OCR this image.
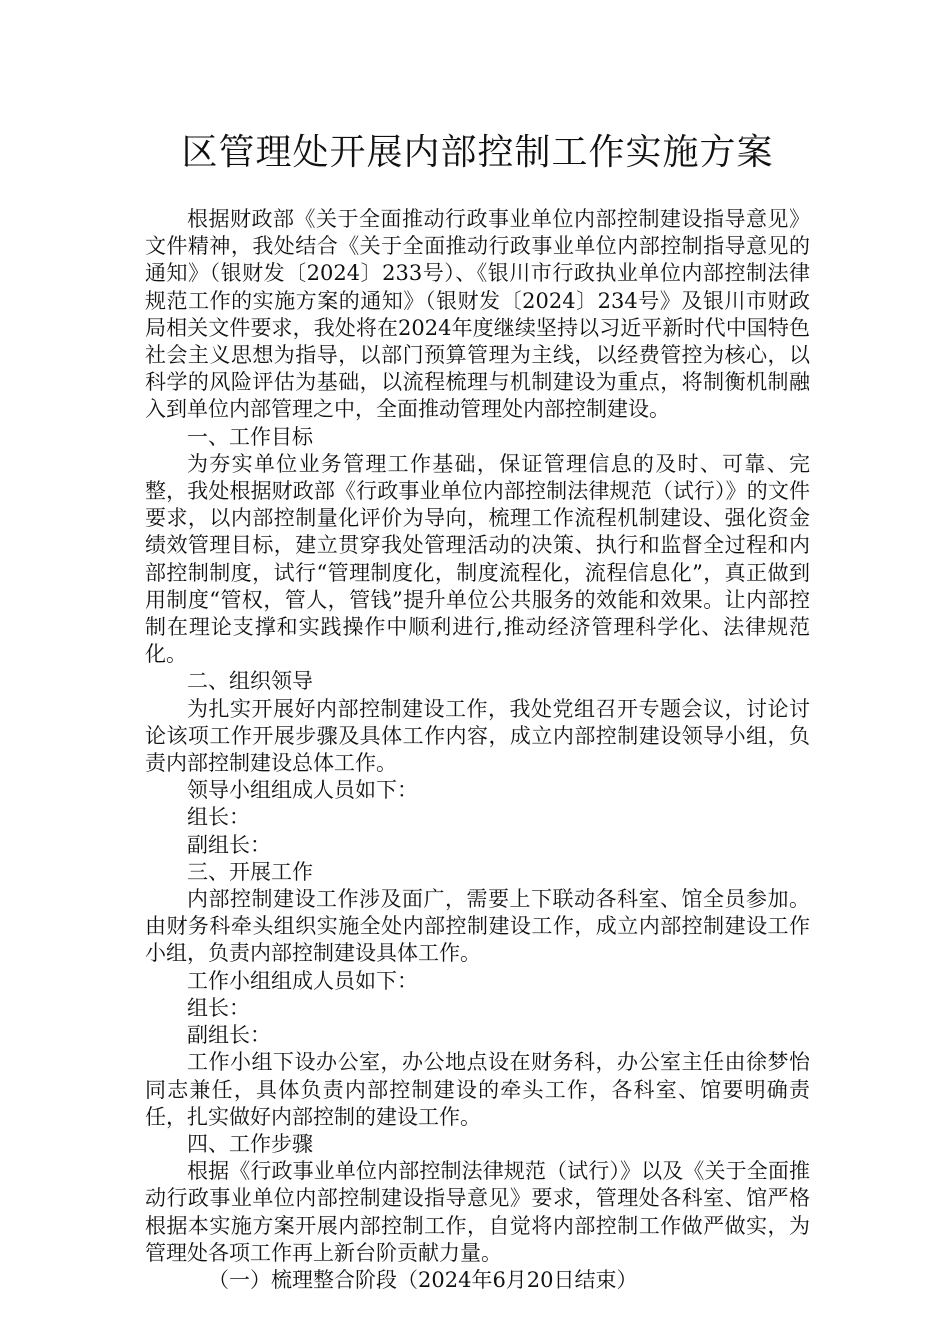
区管理处开展内部控制工作实施方案

根据财政部《关于全面推动行政事业单位内部控制建设指导意见》文件精神，我处结合《关于全面推动行政事业单位内部控制指导意见的通知》（银财发〔2024〕233号）、《银川市行政执业单位内部控制法律规范工作的实施方案的通知》（银财发〔2024〕234号》及银川市财政局相关文件要求，我处将在2024年度继续坚持以习近平新时代中国特色社会主义思想为指导，以部门预算管理为主线，以经费管控为核心，以科学的风险评估为基础，以流程梳理与机制建设为重点，将制衡机制融入到单位内部管理之中，全面推动管理处内部控制建设。

一、工作目标

为夯实单位业务管理工作基础，保证管理信息的及时、可靠、完整，我处根据财政部《行政事业单位内部控制法律规范（试行）》的文件要求，以内部控制量化评价为导向，梳理工作流程机制建设、强化资金绩效管理目标，建立贯穿我处管理活动的决策、执行和监督全过程和内部控制制度，试行“管理制度化，制度流程化，流程信息化”，真正做到用制度“管权，管人，管钱”提升单位公共服务的效能和效果。让内部控制在理论支撑和实践操作中顺利进行,推动经济管理科学化、法律规范化。

二、组织领导

为扎实开展好内部控制建设工作，我处党组召开专题会议，讨论讨论该项工作开展步骤及具体工作内容，成立内部控制建设领导小组，负责内部控制建设总体工作。

领导小组组成人员如下：

组长：

副组长：

三、开展工作

内部控制建设工作涉及面广，需要上下联动各科室、馆全员参加。由财务科牵头组织实施全处内部控制建设工作，成立内部控制建设工作小组，负责内部控制建设具体工作。

工作小组组成人员如下：

组长：

副组长：

工作小组下设办公室，办公地点设在财务科，办公室主任由徐梦怡同志兼任，具体负责内部控制建设的牵头工作，各科室、馆要明确责任，扎实做好内部控制的建设工作。

四、工作步骤

根据《行政事业单位内部控制法律规范（试行）》以及《关于全面推动行政事业单位内部控制建设指导意见》要求，管理处各科室、馆严格根据本实施方案开展内部控制工作，自觉将内部控制工作做严做实，为管理处各项工作再上新台阶贡献力量。

（一）梳理整合阶段（2024年6月20日结束）
